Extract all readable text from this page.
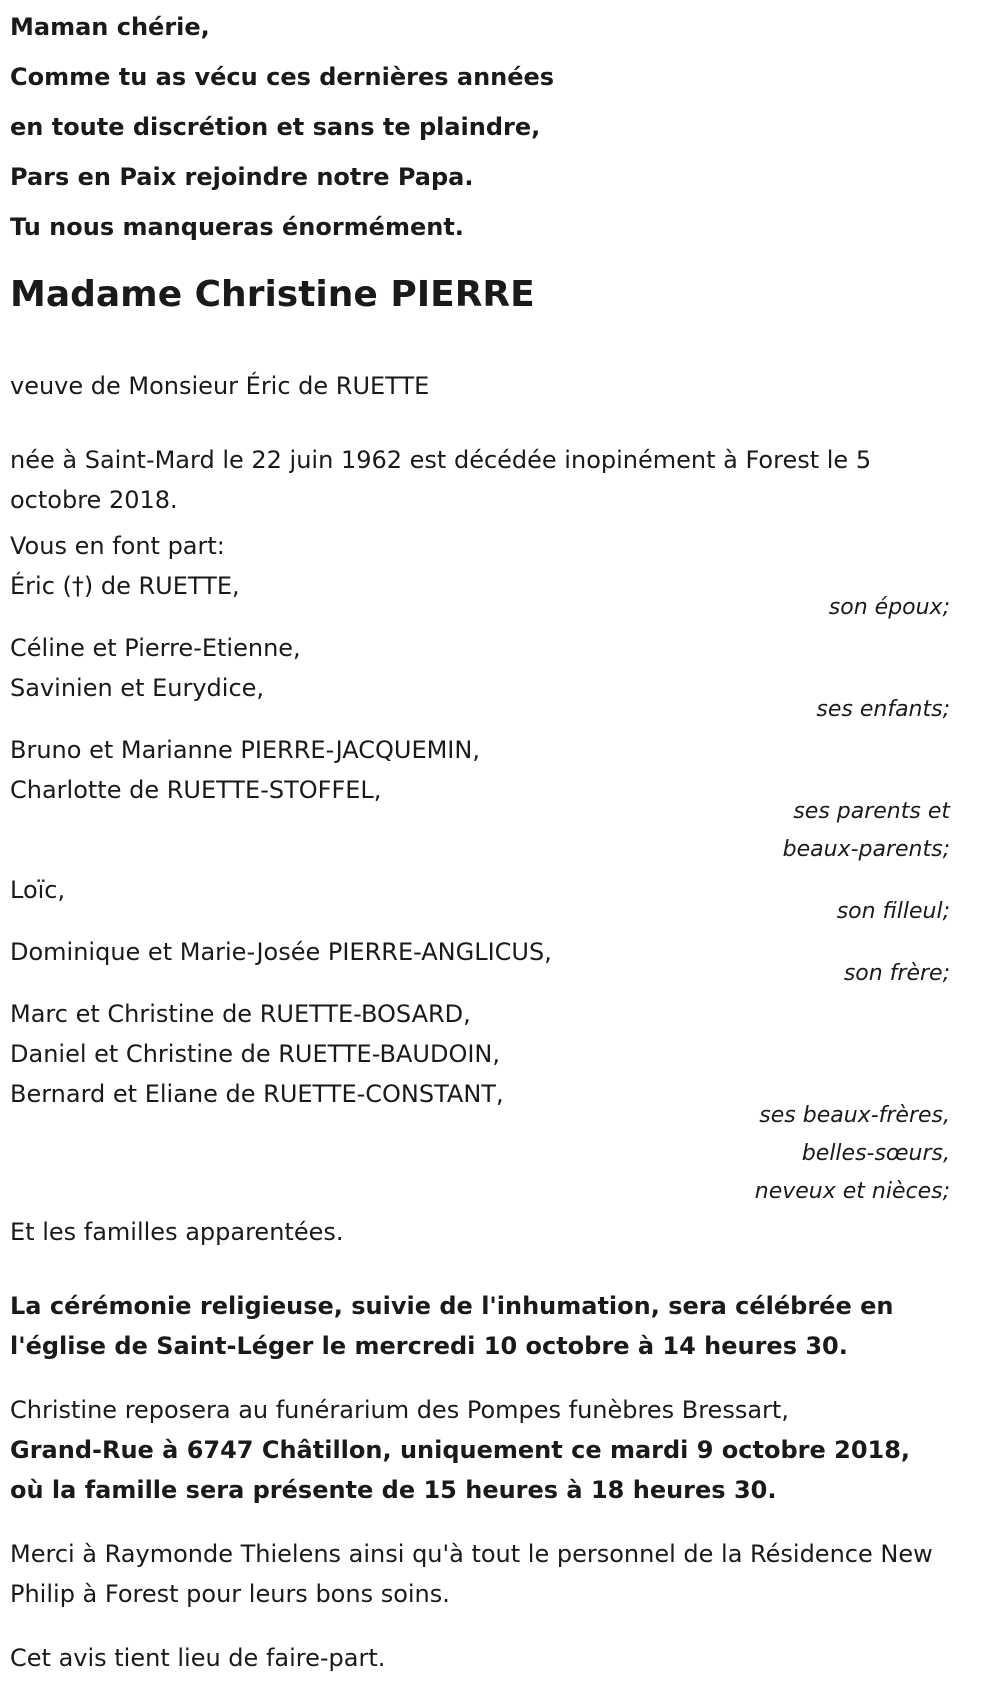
Maman chérie,

Comme tu as vécu ces dernières années

en toute discrétion et sans te plaindre,

Pars en Paix rejoindre notre Papa.

Tu nous manqueras énormément.

Madame Christine PIERRE

veuve de Monsieur Éric de RUETTE

née à Saint-Mard le 22 juin 1962 est décédée inopinément à Forest le 5 octobre 2018.

Vous en font part:

Éric (†) de RUETTE,

son époux;

Céline et Pierre-Etienne,

Savinien et Eurydice,

ses enfants;

Bruno et Marianne PIERRE-JACQUEMIN,

Charlotte de RUETTE-STOFFEL,

ses parents et

beaux-parents;

Loïc,

son filleul;

Dominique et Marie-Josée PIERRE-ANGLICUS,

son frère;

Marc et Christine de RUETTE-BOSARD,

Daniel et Christine de RUETTE-BAUDOIN,

Bernard et Eliane de RUETTE-CONSTANT,

ses beaux-frères,

belles-sœurs,

neveux et nièces;

Et les familles apparentées.

La cérémonie religieuse, suivie de l'inhumation, sera célébrée en l'église de Saint-Léger le mercredi 10 octobre à 14 heures 30.

Christine reposera au funérarium des Pompes funèbres Bressart,
Grand-Rue à 6747 Châtillon, uniquement ce mardi 9 octobre 2018, où la famille sera présente de 15 heures à 18 heures 30.

Merci à Raymonde Thielens ainsi qu'à tout le personnel de la Résidence New Philip à Forest pour leurs bons soins.

Cet avis tient lieu de faire-part.
